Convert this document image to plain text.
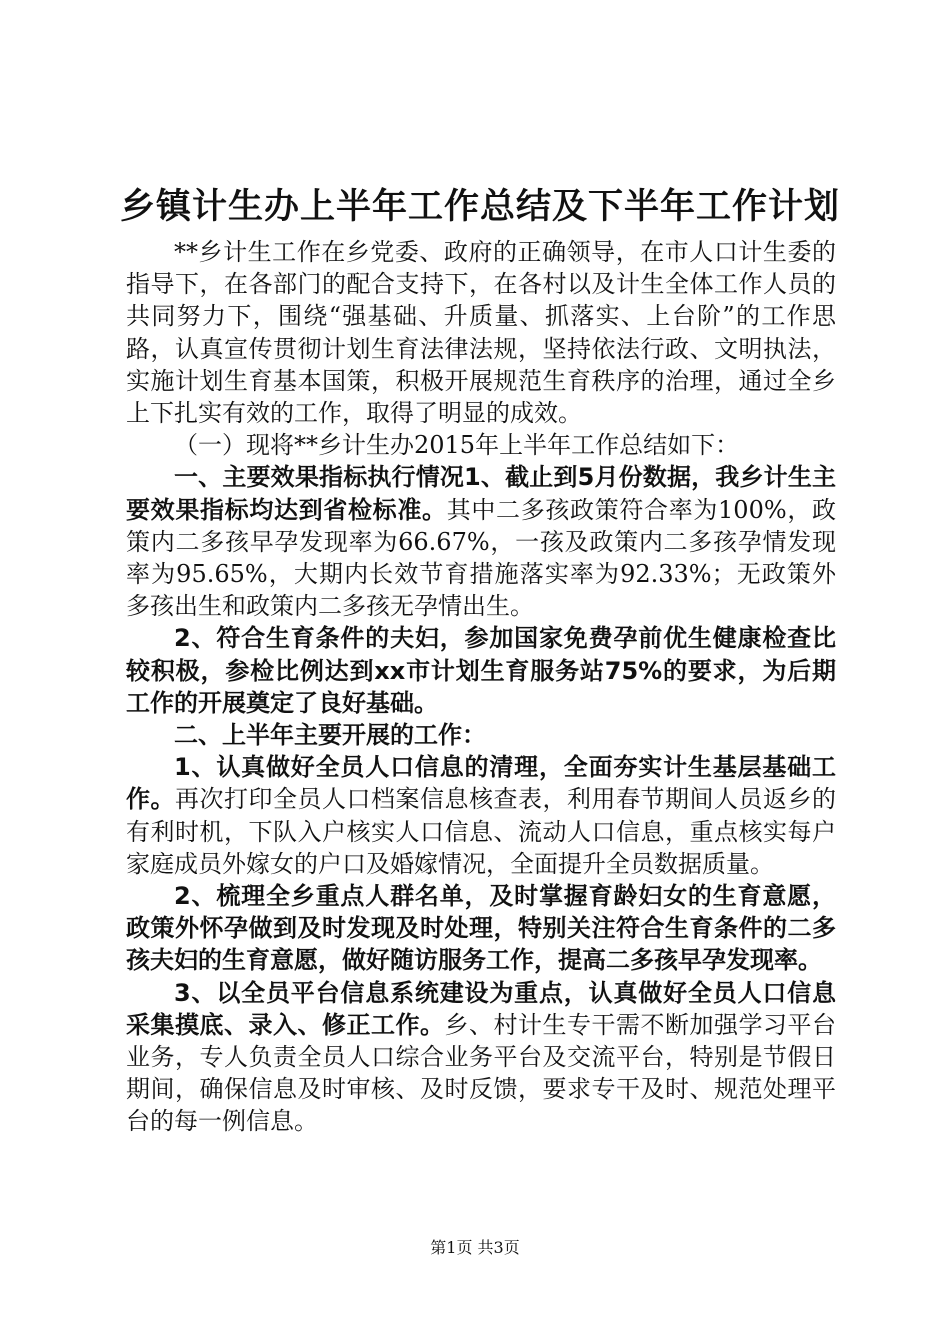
乡镇计生办上半年工作总结及下半年工作计划

**乡计生工作在乡党委、政府的正确领导，在市人口计生委的指导下，在各部门的配合支持下，在各村以及计生全体工作人员的共同努力下，围绕“强基础、升质量、抓落实、上台阶”的工作思路，认真宣传贯彻计划生育法律法规，坚持依法行政、文明执法，实施计划生育基本国策，积极开展规范生育秩序的治理，通过全乡上下扎实有效的工作，取得了明显的成效。

（一）现将**乡计生办2015年上半年工作总结如下：

一、主要效果指标执行情况1、截止到5月份数据，我乡计生主要效果指标均达到省检标准。其中二多孩政策符合率为100%，政策内二多孩早孕发现率为66.67%，一孩及政策内二多孩孕情发现率为95.65%，大期内长效节育措施落实率为92.33%；无政策外多孩出生和政策内二多孩无孕情出生。

2、符合生育条件的夫妇，参加国家免费孕前优生健康检查比较积极，参检比例达到xx市计划生育服务站75%的要求，为后期工作的开展奠定了良好基础。

二、上半年主要开展的工作：

1、认真做好全员人口信息的清理，全面夯实计生基层基础工作。再次打印全员人口档案信息核查表，利用春节期间人员返乡的有利时机，下队入户核实人口信息、流动人口信息，重点核实每户家庭成员外嫁女的户口及婚嫁情况，全面提升全员数据质量。

2、梳理全乡重点人群名单，及时掌握育龄妇女的生育意愿，政策外怀孕做到及时发现及时处理，特别关注符合生育条件的二多孩夫妇的生育意愿，做好随访服务工作，提高二多孩早孕发现率。

3、以全员平台信息系统建设为重点，认真做好全员人口信息采集摸底、录入、修正工作。乡、村计生专干需不断加强学习平台业务，专人负责全员人口综合业务平台及交流平台，特别是节假日期间，确保信息及时审核、及时反馈，要求专干及时、规范处理平台的每一例信息。

第1页 共3页
